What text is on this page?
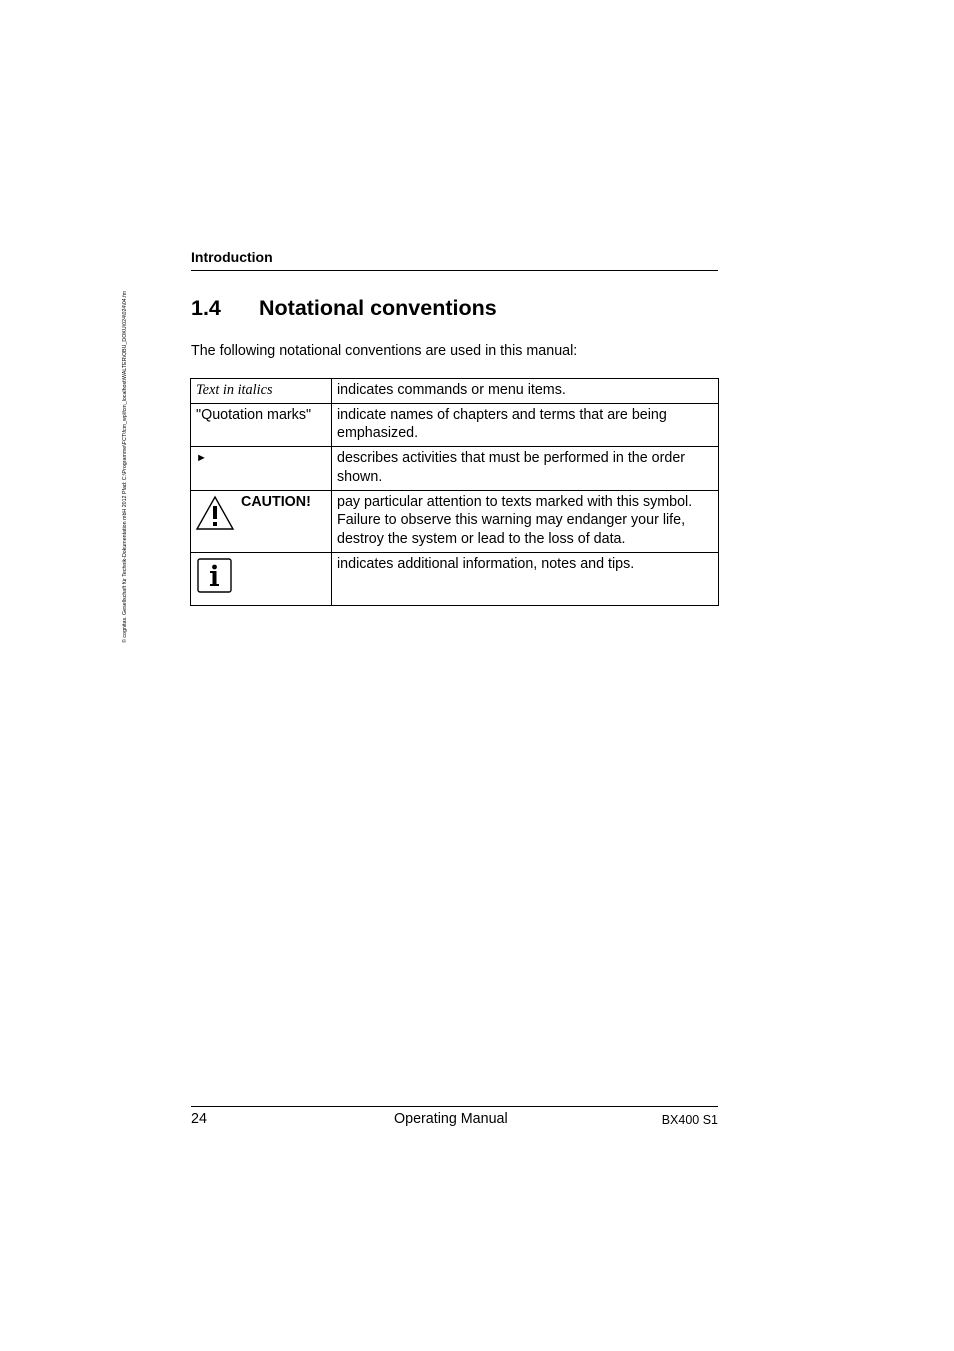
© cognitas. Gesellschaft für Technik-Dokumentation mbH 2012 Pfad: C:\Programme\FCT\fcm_wp\fcm_localhost\WALTER\OBU_DOKU\024\024\04.fm
Introduction
1.4 Notational conventions
The following notational conventions are used in this manual:
Text in italics	indicates commands or menu items.
"Quotation marks"	indicate names of chapters and terms that are being emphasized.
►	describes activities that must be performed in the order shown.

CAUTION!	pay particular attention to texts marked with this symbol. Failure to observe this warning may endanger your life, destroy the system or lead to the loss of data.

	indicates additional information, notes and tips.
24	Operating Manual	BX400 S1
